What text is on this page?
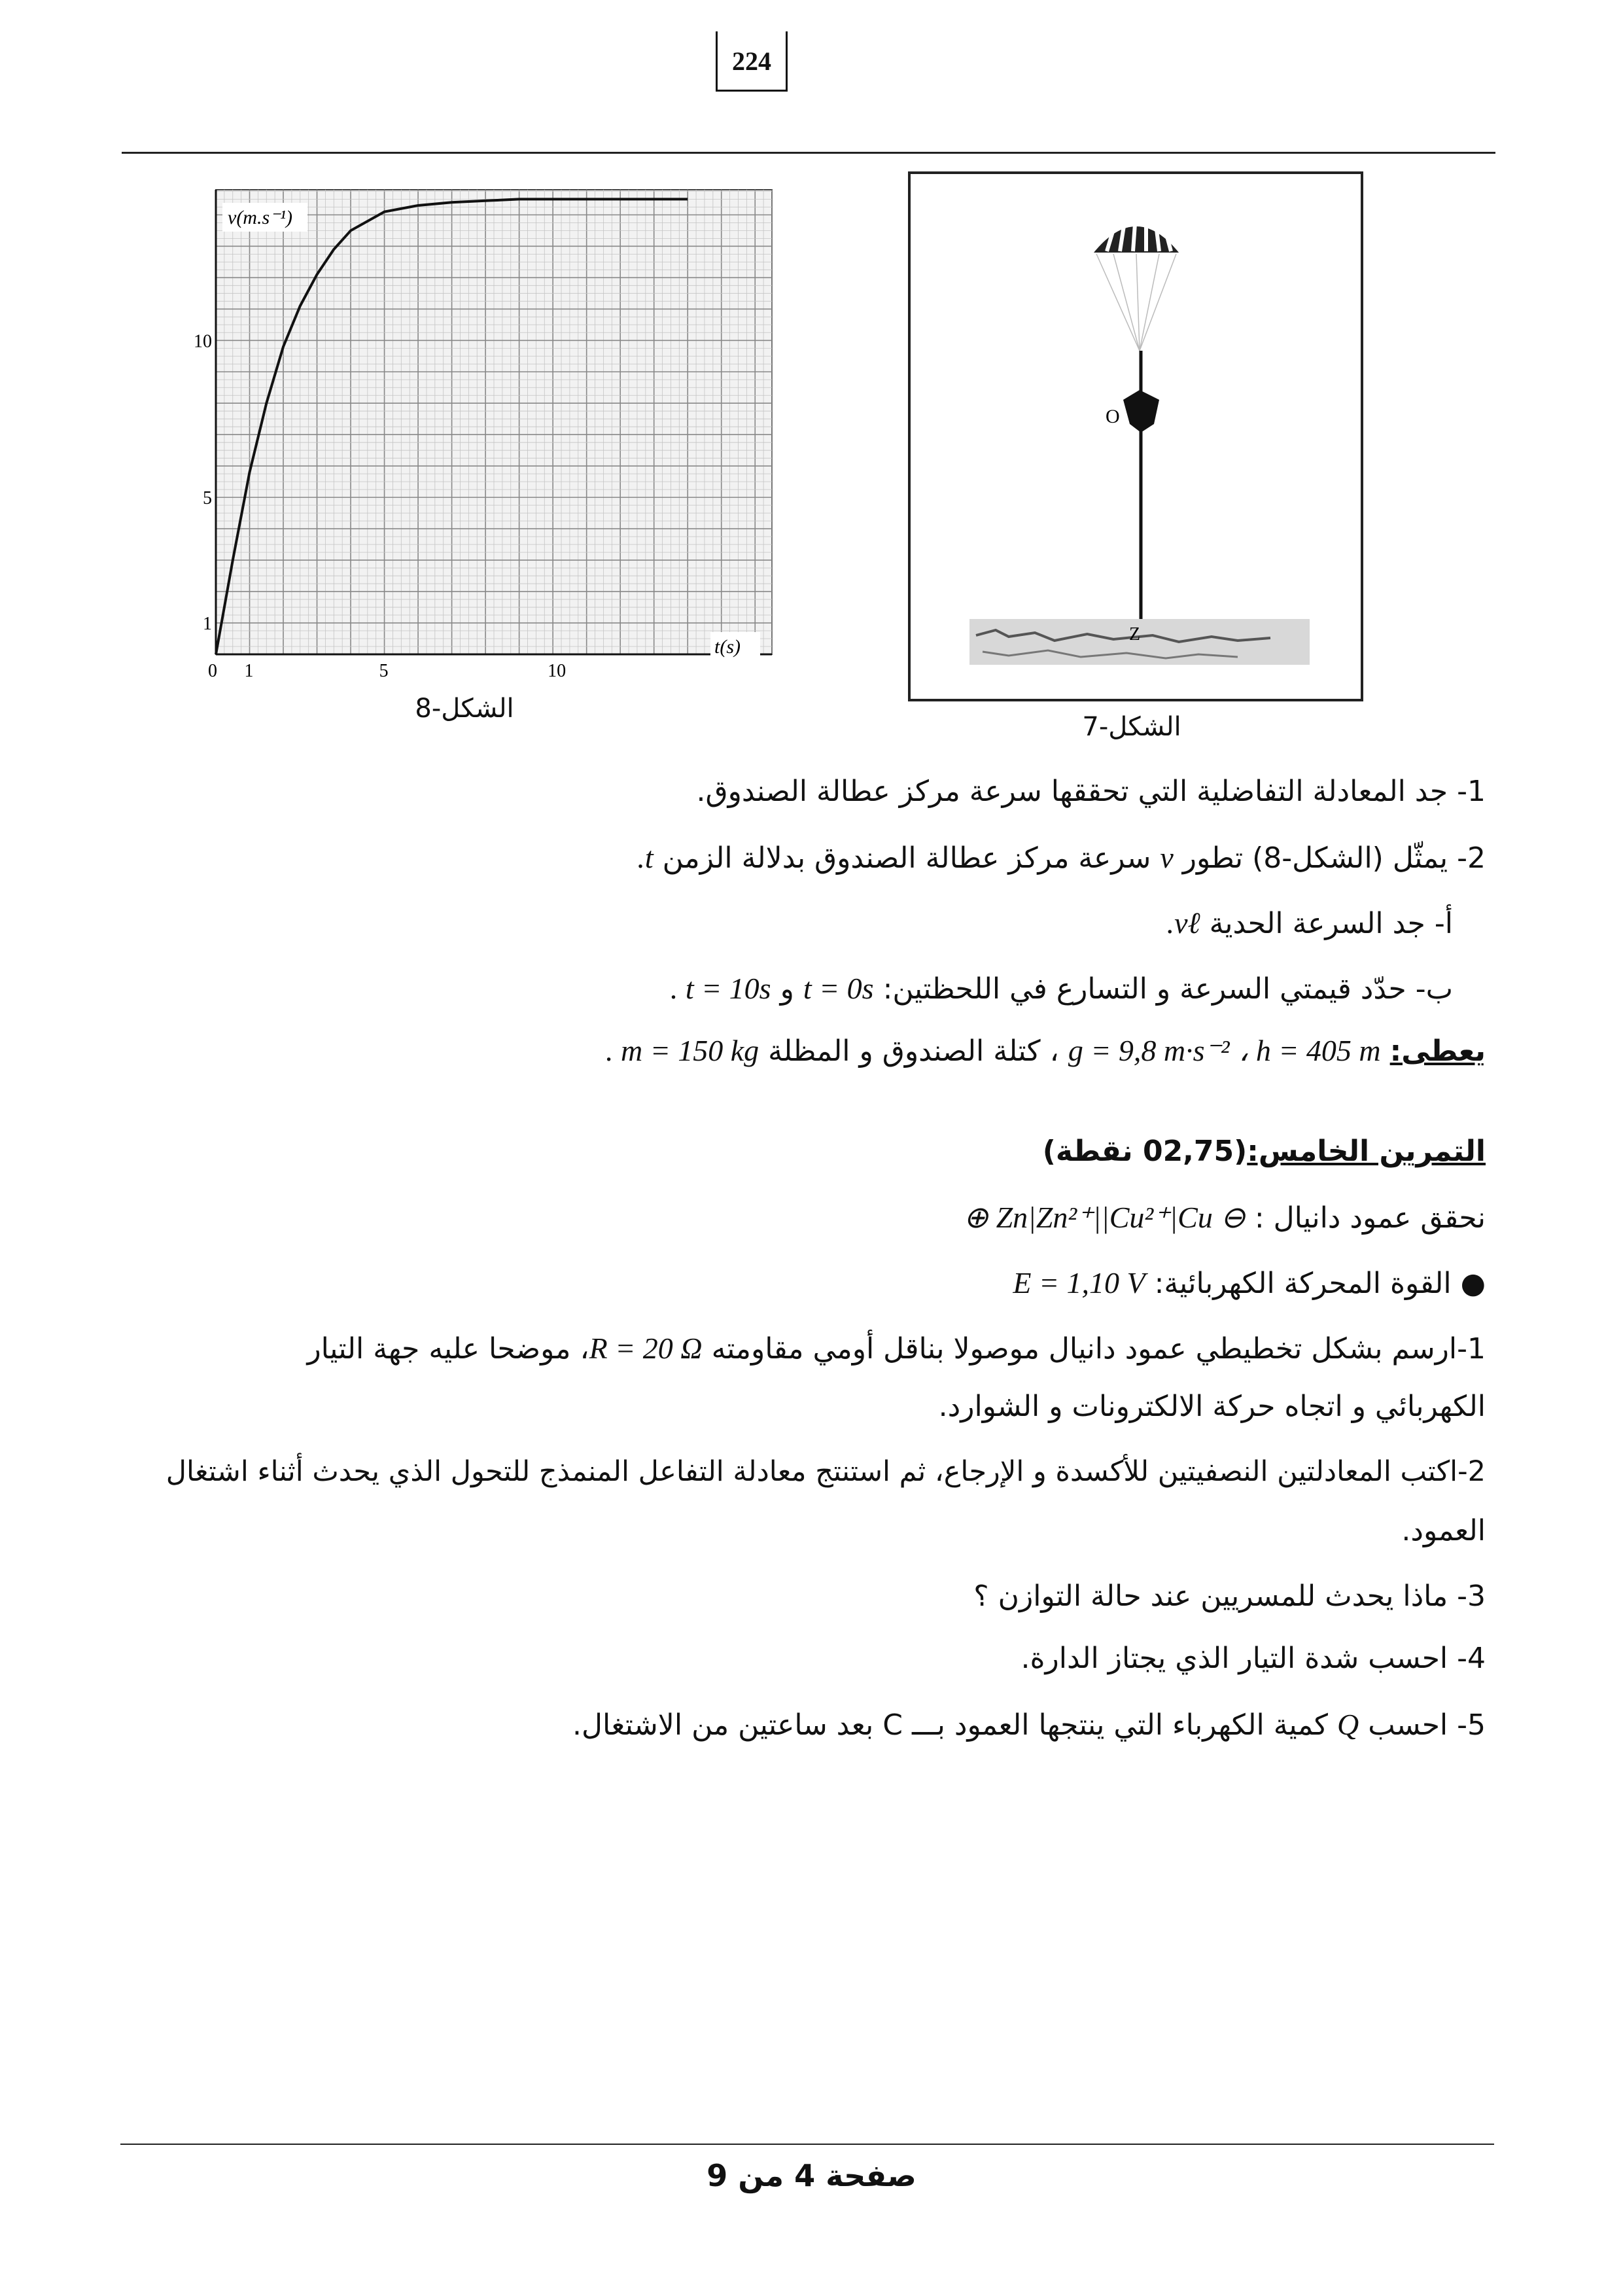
224
0 1	5	10
1
5
10
v(m.s⁻¹)
t(s)
الشكل-8
O
Z
الشكل-7
1- جد المعادلة التفاضلية التي تحققها سرعة مركز عطالة الصندوق.
2- يمثّل (الشكل-8) تطور v سرعة مركز عطالة الصندوق بدلالة الزمن t.
أ- جد السرعة الحدية vℓ.
ب- حدّد قيمتي السرعة و التسارع في اللحظتين: t = 0s و t = 10s .
يعطى: g = 9,8 m·s⁻² ، h = 405 m ، كتلة الصندوق و المظلة m = 150 kg .
التمرين الخامس:(02,75 نقطة)
نحقق عمود دانيال : ⊖ Zn|Zn²⁺||Cu²⁺|Cu ⊕
● القوة المحركة الكهربائية: E = 1,10 V
1-ارسم بشكل تخطيطي عمود دانيال موصولا بناقل أومي مقاومته R = 20 Ω، موضحا عليه جهة التيار
الكهربائي و اتجاه حركة الالكترونات و الشوارد.
2-اكتب المعادلتين النصفيتين للأكسدة و الإرجاع، ثم استنتج معادلة التفاعل المنمذج للتحول الذي يحدث أثناء اشتغال
العمود.
3- ماذا يحدث للمسريين عند حالة التوازن ؟
4- احسب شدة التيار الذي يجتاز الدارة.
5- احسب Q كمية الكهرباء التي ينتجها العمود بـــ C بعد ساعتين من الاشتغال.
صفحة 4 من 9
